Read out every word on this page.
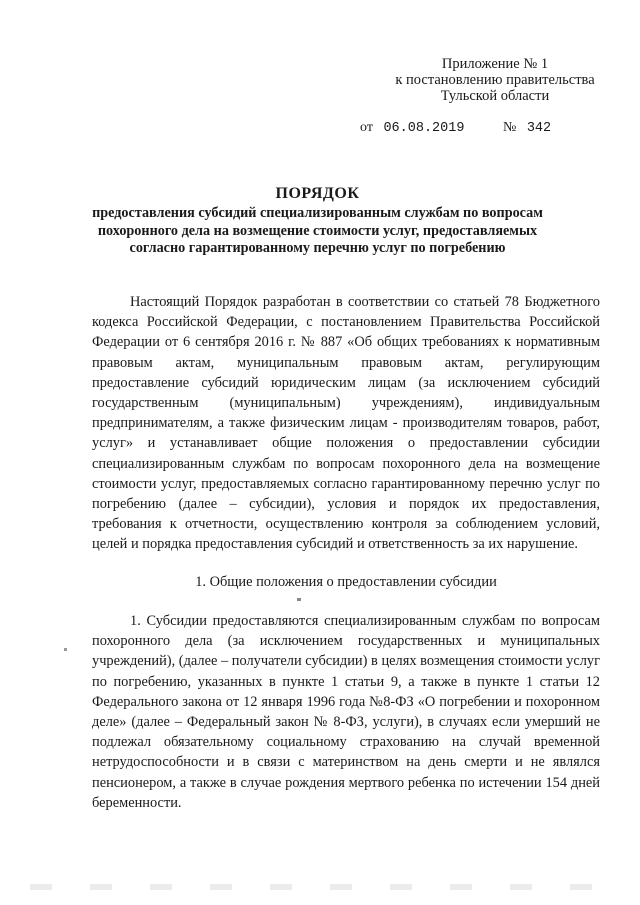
Приложение № 1
к постановлению правительства
Тульской области
от 06.08.2019	№ 342
ПОРЯДОК
предоставления субсидий специализированным службам по вопросам похоронного дела на возмещение стоимости услуг, предоставляемых согласно гарантированному перечню услуг по погребению

Настоящий Порядок разработан в соответствии со статьей 78 Бюджетного кодекса Российской Федерации, с постановлением Правительства Российской Федерации от 6 сентября 2016 г. № 887 «Об общих требованиях к нормативным правовым актам, муниципальным правовым актам, регулирующим предоставление субсидий юридическим лицам (за исключением субсидий государственным (муниципальным) учреждениям), индивидуальным предпринимателям, а также физическим лицам - производителям товаров, работ, услуг» и устанавливает общие положения о предоставлении субсидии специализированным службам по вопросам похоронного дела на возмещение стоимости услуг, предоставляемых согласно гарантированному перечню услуг по погребению (далее – субсидии), условия и порядок их предоставления, требования к отчетности, осуществлению контроля за соблюдением условий, целей и порядка предоставления субсидий и ответственность за их нарушение.

1. Общие положения о предоставлении субсидии

1. Субсидии предоставляются специализированным службам по вопросам похоронного дела (за исключением государственных и муниципальных учреждений), (далее – получатели субсидии) в целях возмещения стоимости услуг по погребению, указанных в пункте 1 статьи 9, а также в пункте 1 статьи 12 Федерального закона от 12 января 1996 года №8-ФЗ «О погребении и похоронном деле» (далее – Федеральный закон № 8-ФЗ, услуги), в случаях если умерший не подлежал обязательному социальному страхованию на случай временной нетрудоспособности и в связи с материнством на день смерти и не являлся пенсионером, а также в случае рождения мертвого ребенка по истечении 154 дней беременности.
